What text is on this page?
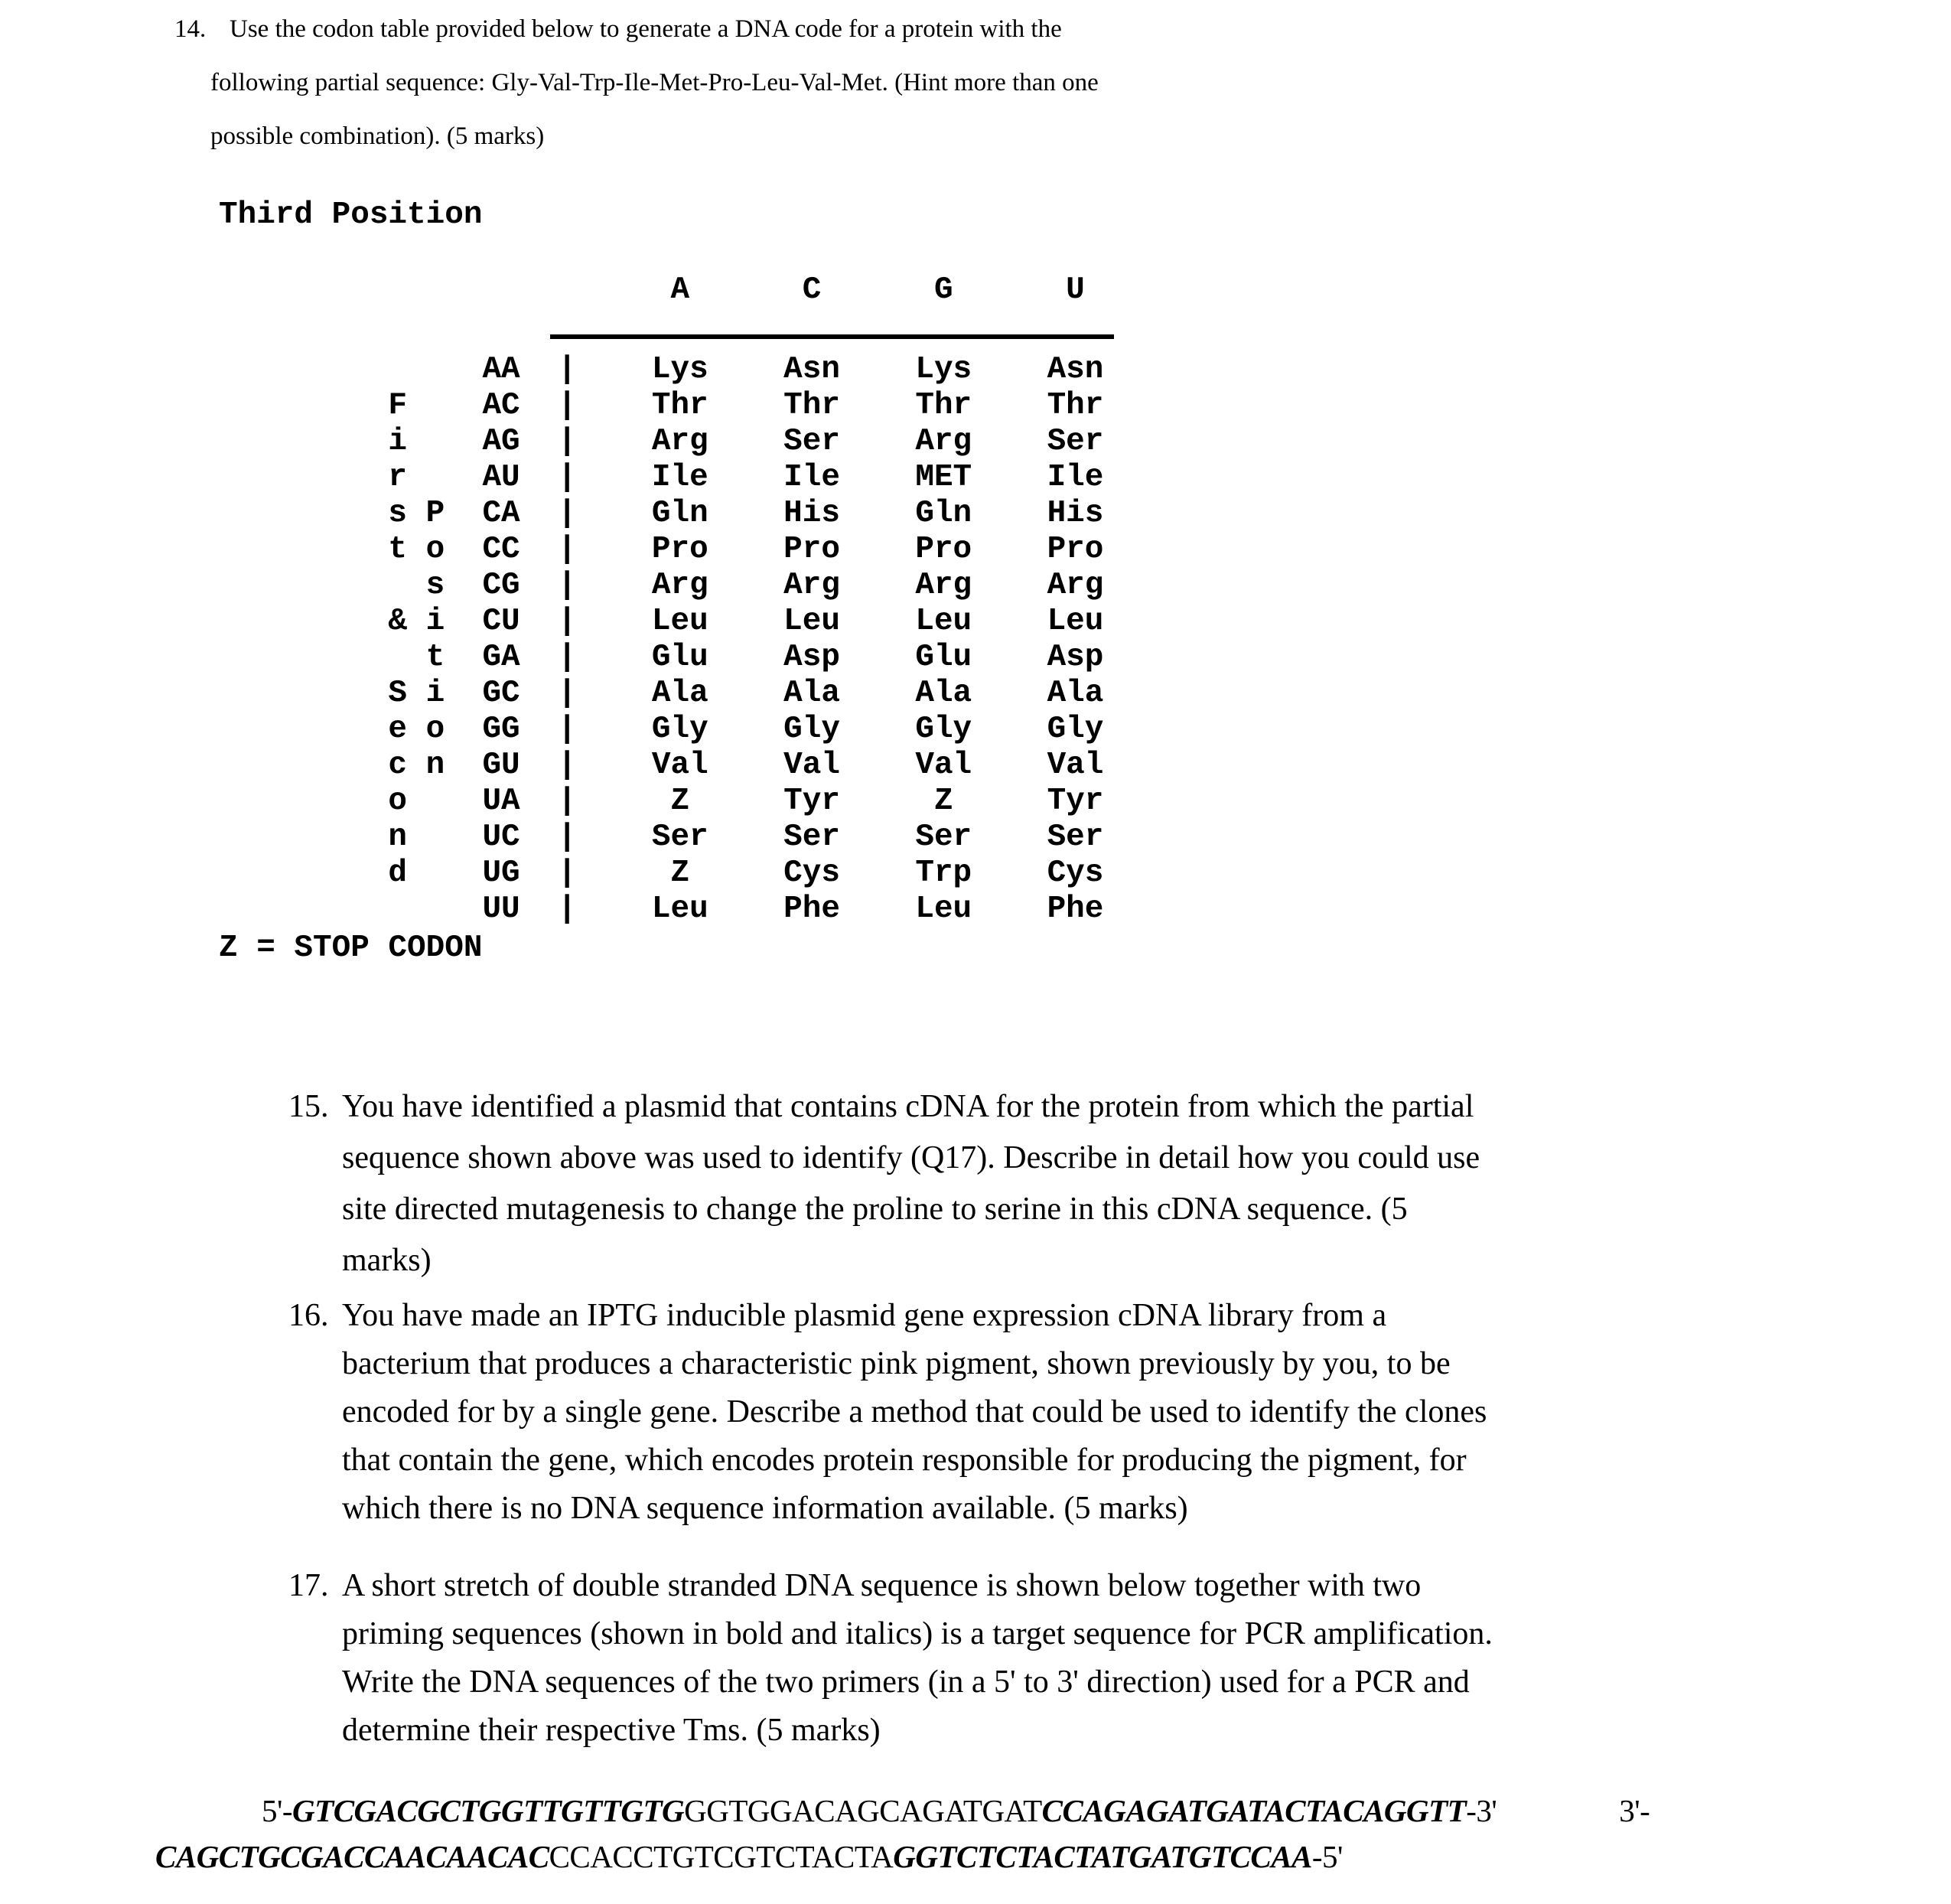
14. Use the codon table provided below to generate a DNA code for a protein with the
following partial sequence: Gly-Val-Trp-Ile-Met-Pro-Leu-Val-Met. (Hint more than one
possible combination). (5 marks)
15. You have identified a plasmid that contains cDNA for the protein from which the partial
sequence shown above was used to identify (Q17). Describe in detail how you could use
site directed mutagenesis to change the proline to serine in this cDNA sequence. (5
marks)
16. You have made an IPTG inducible plasmid gene expression cDNA library from a
bacterium that produces a characteristic pink pigment, shown previously by you, to be
encoded for by a single gene. Describe a method that could be used to identify the clones
that contain the gene, which encodes protein responsible for producing the pigment, for
which there is no DNA sequence information available. (5 marks)
17. A short stretch of double stranded DNA sequence is shown below together with two
priming sequences (shown in bold and italics) is a target sequence for PCR amplification.
Write the DNA sequences of the two primers (in a 5' to 3' direction) used for a PCR and
determine their respective Tms. (5 marks)
Third Position
A      C      G      U
AA  |    Lys    Asn    Lys    Asn
F    AC  |    Thr    Thr    Thr    Thr
i    AG  |    Arg    Ser    Arg    Ser
r    AU  |    Ile    Ile    MET    Ile
s P  CA  |    Gln    His    Gln    His
t o  CC  |    Pro    Pro    Pro    Pro
s  CG  |    Arg    Arg    Arg    Arg
& i  CU  |    Leu    Leu    Leu    Leu
t  GA  |    Glu    Asp    Glu    Asp
S i  GC  |    Ala    Ala    Ala    Ala
e o  GG  |    Gly    Gly    Gly    Gly
c n  GU  |    Val    Val    Val    Val
o    UA  |     Z     Tyr     Z     Tyr
n    UC  |    Ser    Ser    Ser    Ser
d    UG  |     Z     Cys    Trp    Cys
UU  |    Leu    Phe    Leu    Phe
Z = STOP CODON
5'-GTCGACGCTGGTTGTTGTGGGTGGACAGCAGATGATCCAGAGATGATACTACAGGTT-3'	3'-
CAGCTGCGACCAACAACACCCACCTGTCGTCTACTAGGTCTCTACTATGATGTCCAA-5'
